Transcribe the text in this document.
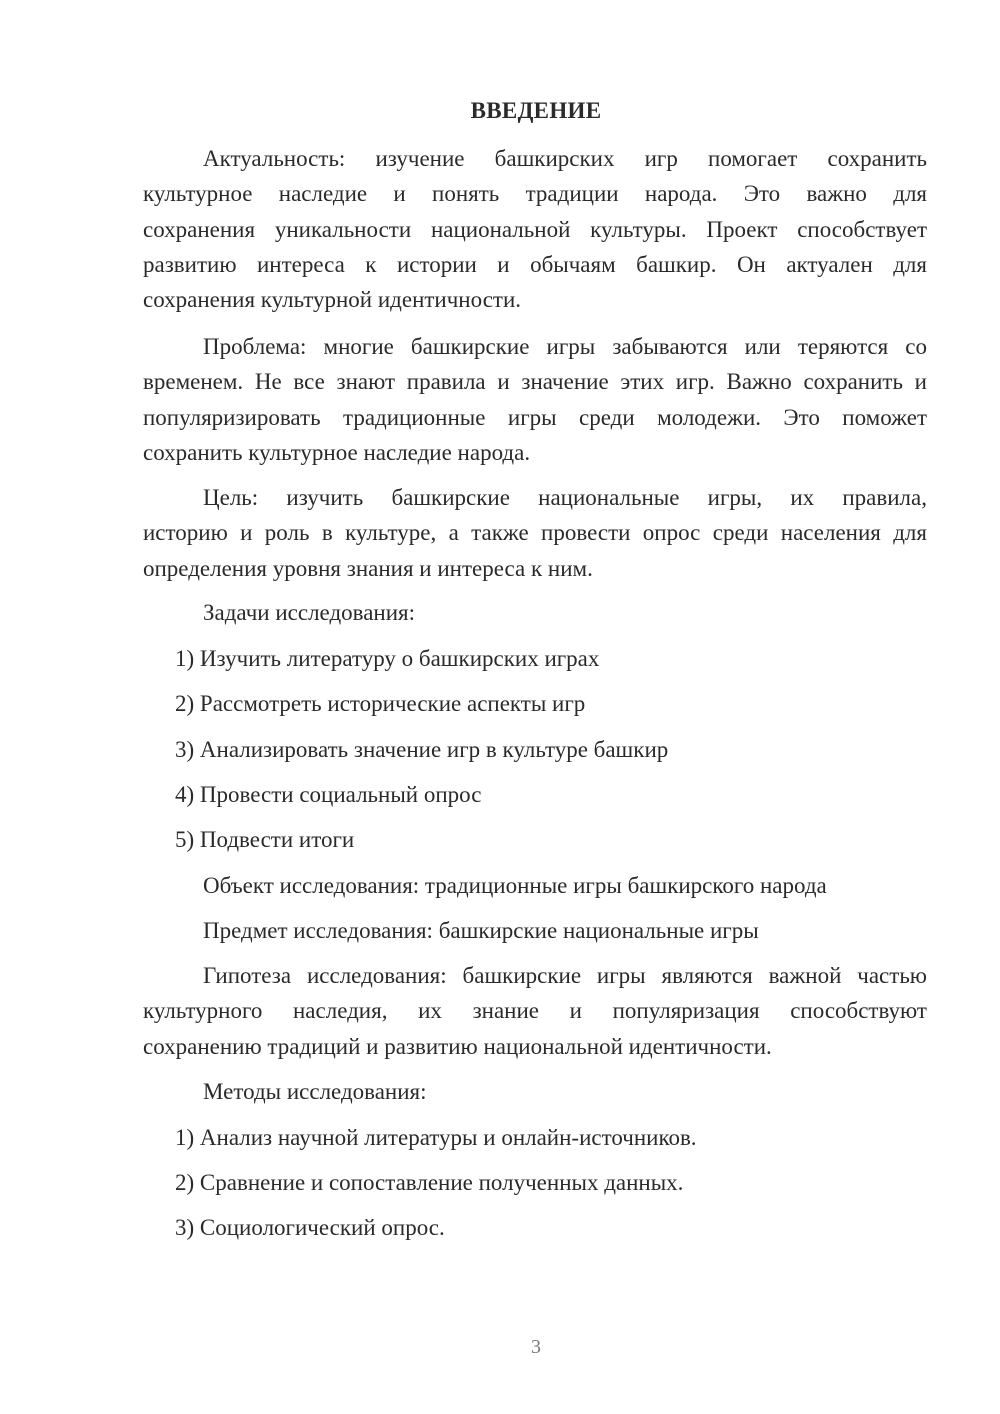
ВВЕДЕНИЕ
Актуальность: изучение башкирских игр помогает сохранить
культурное наследие и понять традиции народа. Это важно для
сохранения уникальности национальной культуры. Проект способствует
развитию интереса к истории и обычаям башкир. Он актуален для
сохранения культурной идентичности.
Проблема: многие башкирские игры забываются или теряются со
временем. Не все знают правила и значение этих игр. Важно сохранить и
популяризировать традиционные игры среди молодежи. Это поможет
сохранить культурное наследие народа.
Цель: изучить башкирские национальные игры, их правила,
историю и роль в культуре, а также провести опрос среди населения для
определения уровня знания и интереса к ним.

Задачи исследования:

1) Изучить литературу о башкирских играх

2) Рассмотреть исторические аспекты игр

3) Анализировать значение игр в культуре башкир

4) Провести социальный опрос

5) Подвести итоги

Объект исследования: традиционные игры башкирского народа

Предмет исследования: башкирские национальные игры

Гипотеза исследования: башкирские игры являются важной частью
культурного наследия, их знание и популяризация способствуют
сохранению традиций и развитию национальной идентичности.

Методы исследования:

1) Анализ научной литературы и онлайн-источников.

2) Сравнение и сопоставление полученных данных.

3) Социологический опрос.

3
